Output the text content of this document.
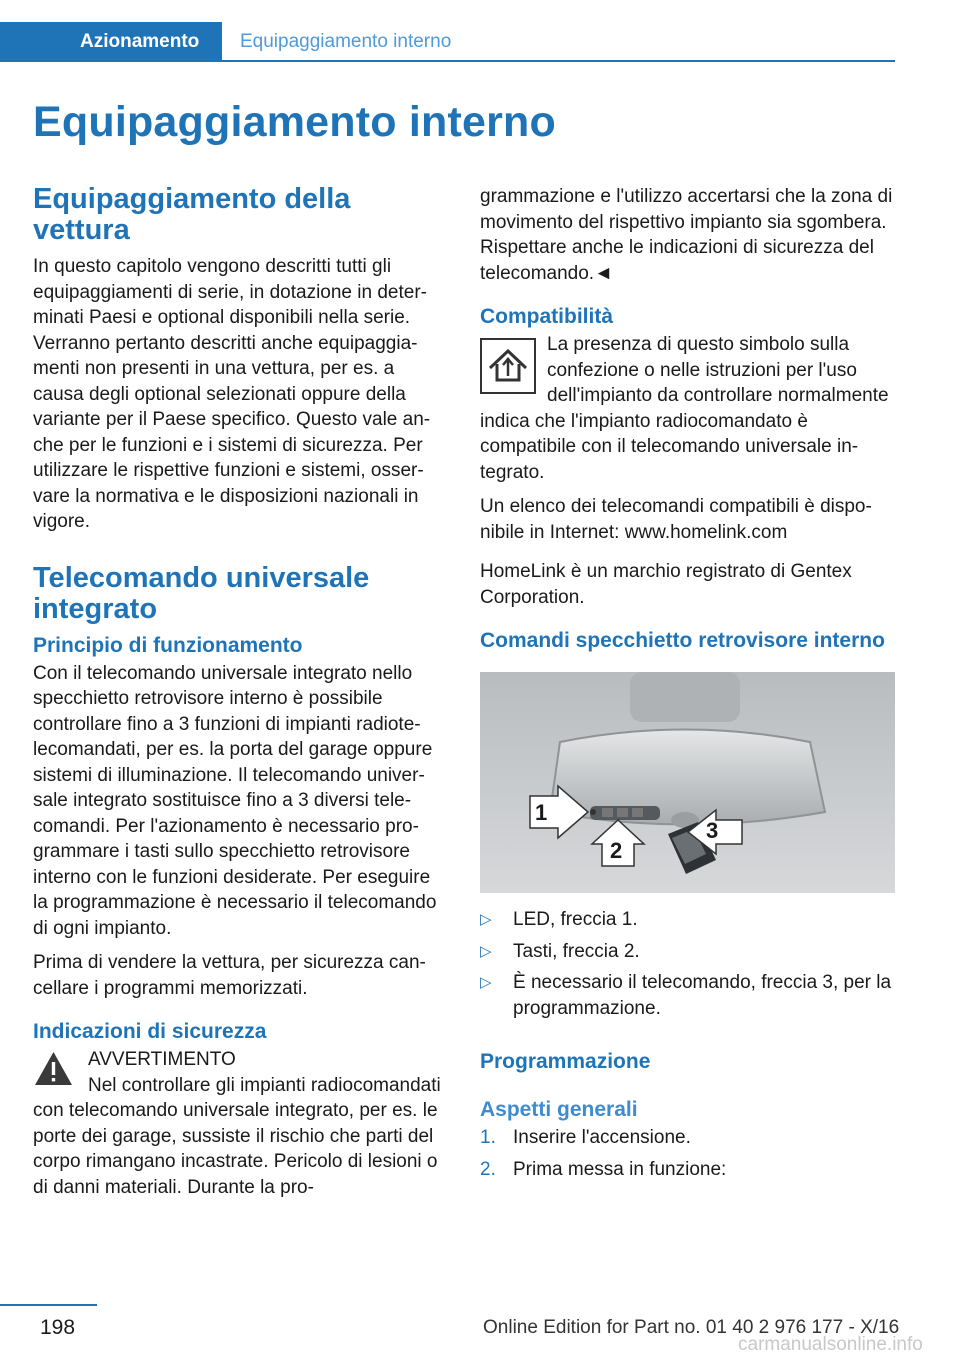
Azionamento	Equipaggiamento interno
Equipaggiamento interno
Equipaggiamento della vettura

In questo capitolo vengono descritti tutti gli equipaggiamenti di serie, in dotazione in determinati Paesi e optional disponibili nella serie. Verranno pertanto descritti anche equipaggiamenti non presenti in una vettura, per es. a causa degli optional selezionati oppure della variante per il Paese specifico. Questo vale anche per le funzioni e i sistemi di sicurezza. Per utilizzare le rispettive funzioni e sistemi, osservare la normativa e le disposizioni nazionali in vigore.

Telecomando universale integrato
Principio di funzionamento

Con il telecomando universale integrato nello specchietto retrovisore interno è possibile controllare fino a 3 funzioni di impianti radiotelecomandati, per es. la porta del garage oppure sistemi di illuminazione. Il telecomando universale integrato sostituisce fino a 3 diversi telecomandi. Per l'azionamento è necessario programmare i tasti sullo specchietto retrovisore interno con le funzioni desiderate. Per eseguire la programmazione è necessario il telecomando di ogni impianto.

Prima di vendere la vettura, per sicurezza cancellare i programmi memorizzati.

Indicazioni di sicurezza
AVVERTIMENTO

Nel controllare gli impianti radiocomandati con telecomando universale integrato, per es. le porte dei garage, sussiste il rischio che parti del corpo rimangano incastrate. Pericolo di lesioni o di danni materiali. Durante la pro-

grammazione e l'utilizzo accertarsi che la zona di movimento del rispettivo impianto sia sgombera. Rispettare anche le indicazioni di sicurezza del telecomando.◄

Compatibilità

La presenza di questo simbolo sulla confezione o nelle istruzioni per l'uso dell'impianto da controllare normalmente indica che l'impianto radiocomandato è compatibile con il telecomando universale integrato.

Un elenco dei telecomandi compatibili è disponibile in Internet: www.homelink.com

HomeLink è un marchio registrato di Gentex Corporation.

Comandi specchietto retrovisore interno
1
2
3
▷ LED, freccia 1.
▷ Tasti, freccia 2.
▷ È necessario il telecomando, freccia 3, per la programmazione.
Programmazione
Aspetti generali
1. Inserire l'accensione.
2. Prima messa in funzione:
198	Online Edition for Part no. 01 40 2 976 177 - X/16
carmanualsonline.info
